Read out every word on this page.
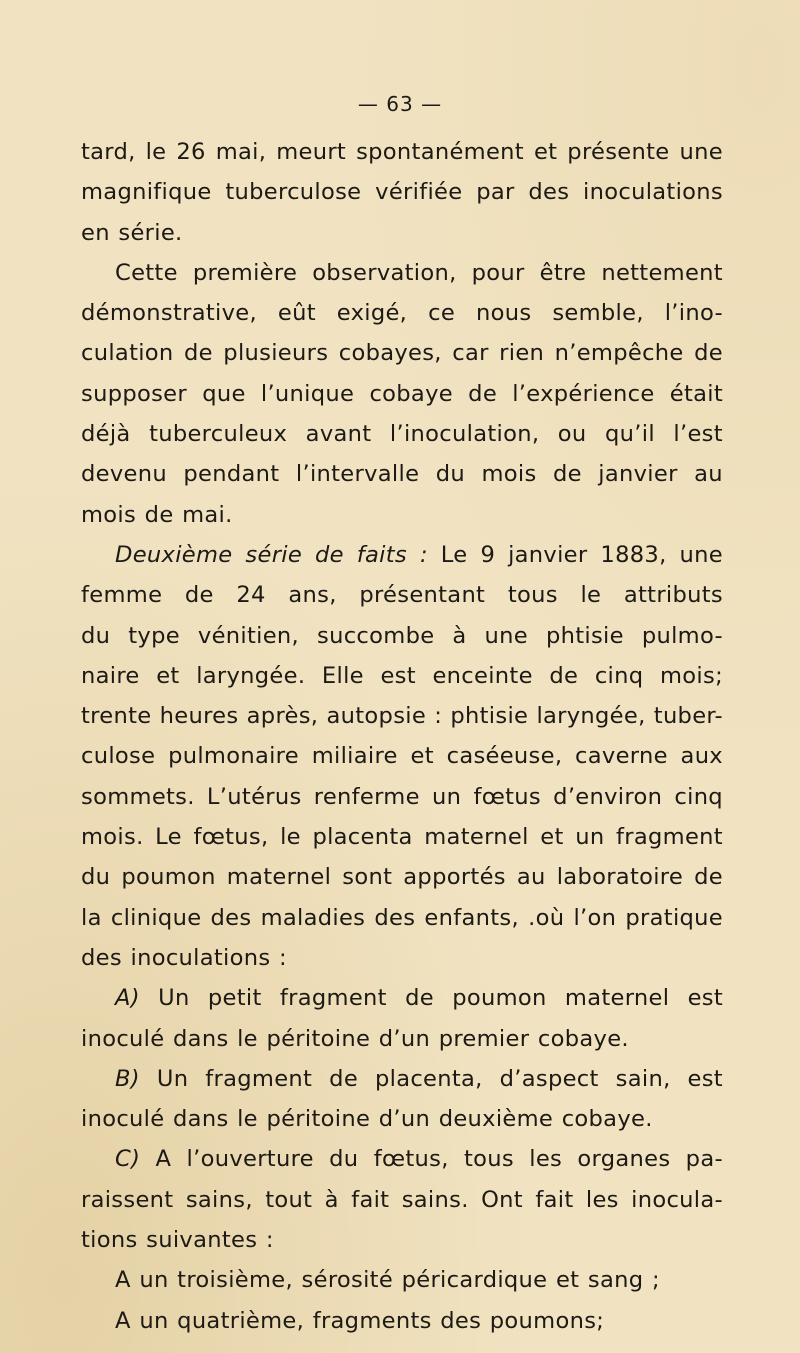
— 63 —
tard, le 26 mai, meurt spontanément et présente une
magnifique tuberculose vérifiée par des inoculations
en série.
Cette première observation, pour être nettement
démonstrative, eût exigé, ce nous semble, l’ino-
culation de plusieurs cobayes, car rien n’empêche de
supposer que l’unique cobaye de l’expérience était
déjà tuberculeux avant l’inoculation, ou qu’il l’est
devenu pendant l’intervalle du mois de janvier au
mois de mai.
Deuxième série de faits : Le 9 janvier 1883, une
femme de 24 ans, présentant tous le attributs
du type vénitien, succombe à une phtisie pulmo-
naire et laryngée. Elle est enceinte de cinq mois;
trente heures après, autopsie : phtisie laryngée, tuber-
culose pulmonaire miliaire et caséeuse, caverne aux
sommets. L’utérus renferme un fœtus d’environ cinq
mois. Le fœtus, le placenta maternel et un fragment
du poumon maternel sont apportés au laboratoire de
la clinique des maladies des enfants, .où l’on pratique
des inoculations :
A) Un petit fragment de poumon maternel est
inoculé dans le péritoine d’un premier cobaye.
B) Un fragment de placenta, d’aspect sain, est
inoculé dans le péritoine d’un deuxième cobaye.
C) A l’ouverture du fœtus, tous les organes pa-
raissent sains, tout à fait sains. Ont fait les inocula-
tions suivantes :
A un troisième, sérosité péricardique et sang ;
A un quatrième, fragments des poumons;
